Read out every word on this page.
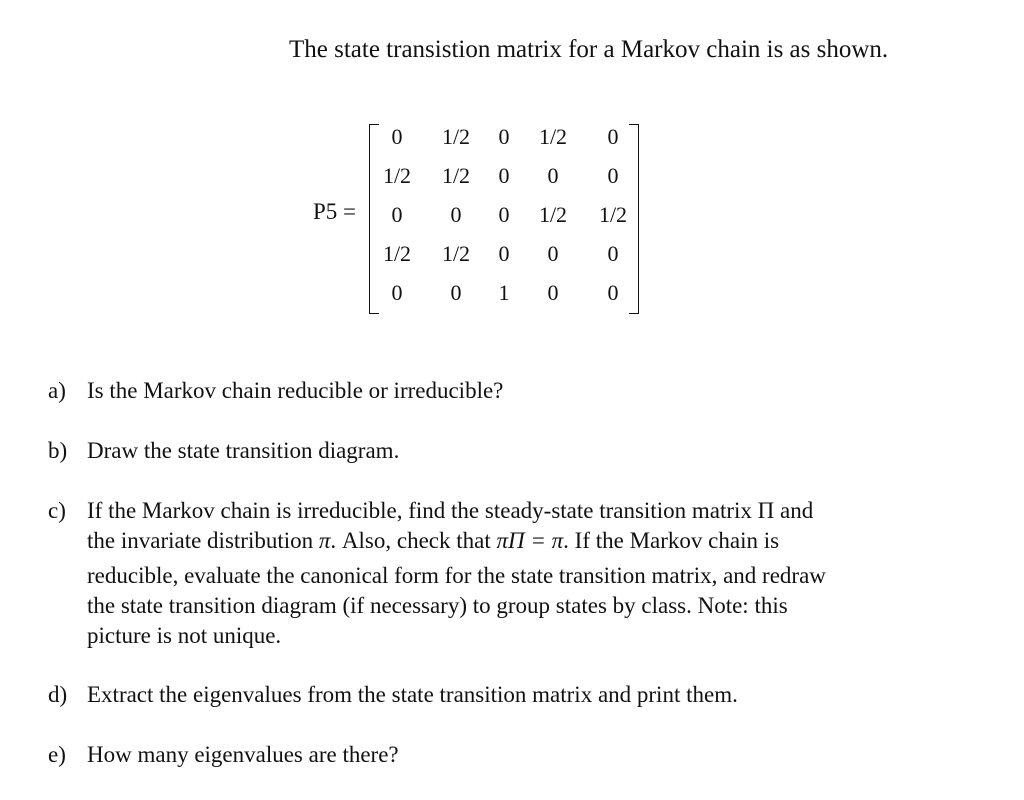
The state transistion matrix for a Markov chain is as shown.
P5 =
0	1/2	0	1/2	0
1/2	1/2	0	0	0
0	0	0	1/2	1/2
1/2	1/2	0	0	0
0	0	1	0	0
a) Is the Markov chain reducible or irreducible?
b) Draw the state transition diagram.
c) If the Markov chain is irreducible, find the steady-state transition matrix Π and
the invariate distribution π. Also, check that πΠ = π. If the Markov chain is
reducible, evaluate the canonical form for the state transition matrix, and redraw
the state transition diagram (if necessary) to group states by class. Note: this
picture is not unique.
d) Extract the eigenvalues from the state transition matrix and print them.
e) How many eigenvalues are there?
